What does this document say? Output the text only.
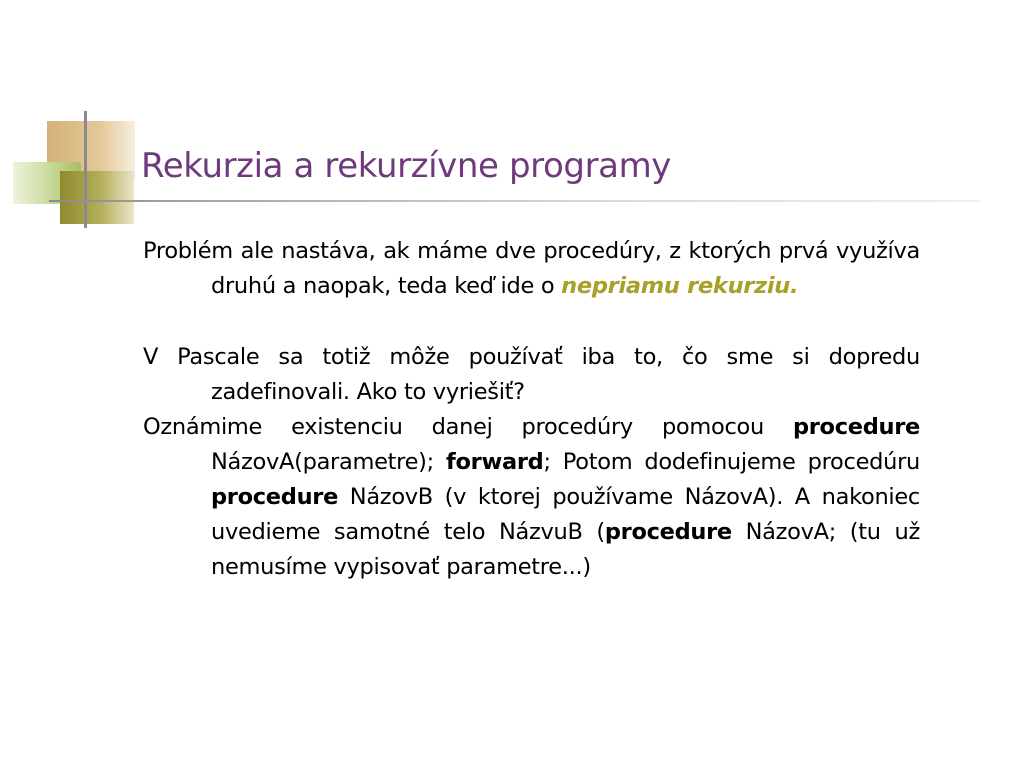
Rekurzia a rekurzívne programy

Problém ale nastáva, ak máme dve procedúry, z ktorých prvá využíva druhú a naopak, teda keď ide o nepriamu rekurziu.

V Pascale sa totiž môže používať iba to, čo sme si dopredu zadefinovali. Ako to vyriešiť?

Oznámime existenciu danej procedúry pomocou procedure NázovA(parametre); forward; Potom dodefinujeme procedúru procedure NázovB (v ktorej používame NázovA). A nakoniec uvedieme samotné telo NázvuB (procedure NázovA; (tu už nemusíme vypisovať parametre...)
